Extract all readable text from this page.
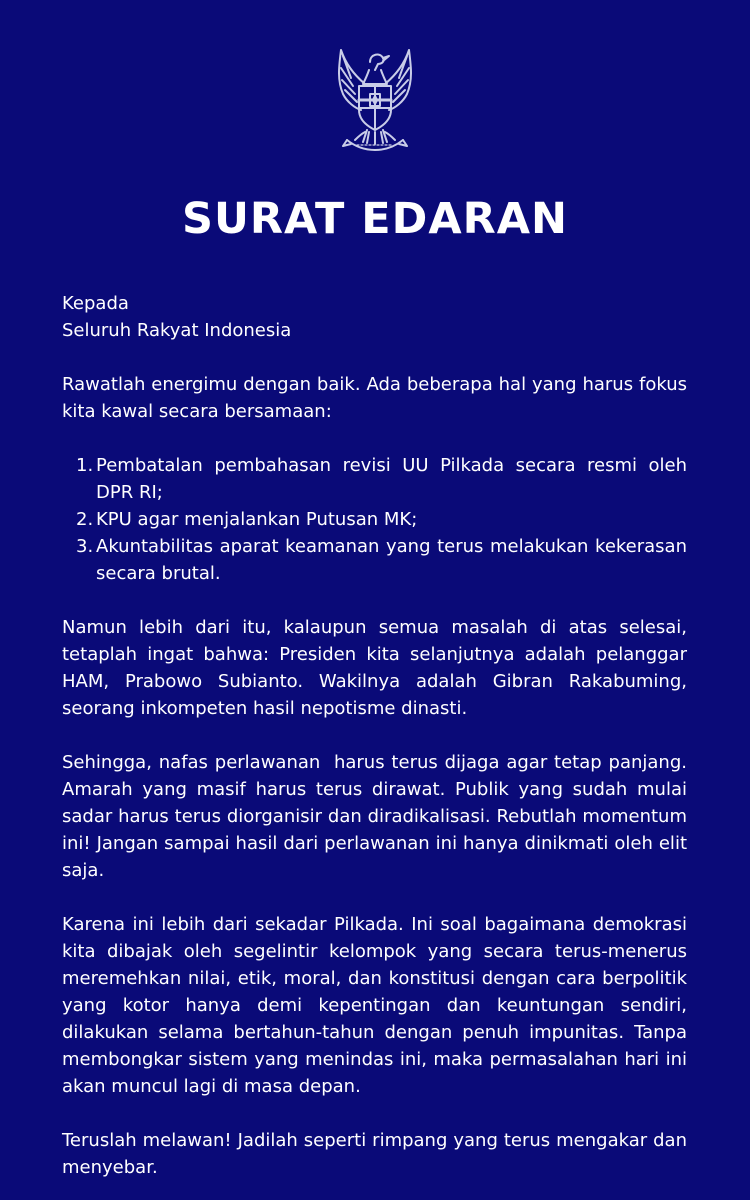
SURAT EDARAN

Kepada

Seluruh Rakyat Indonesia

Rawatlah energimu dengan baik. Ada beberapa hal yang harus fokus kita kawal secara bersamaan:

1. Pembatalan pembahasan revisi UU Pilkada secara resmi oleh DPR RI;
2. KPU agar menjalankan Putusan MK;
3. Akuntabilitas aparat keamanan yang terus melakukan kekerasan secara brutal.

Namun lebih dari itu, kalaupun semua masalah di atas selesai, tetaplah ingat bahwa: Presiden kita selanjutnya adalah pelanggar HAM, Prabowo Subianto. Wakilnya adalah Gibran Rakabuming, seorang inkompeten hasil nepotisme dinasti.

Sehingga, nafas perlawanan  harus terus dijaga agar tetap panjang. Amarah yang masif harus terus dirawat. Publik yang sudah mulai sadar harus terus diorganisir dan diradikalisasi. Rebutlah momentum ini! Jangan sampai hasil dari perlawanan ini hanya dinikmati oleh elit saja.

Karena ini lebih dari sekadar Pilkada. Ini soal bagaimana demokrasi kita dibajak oleh segelintir kelompok yang secara terus-menerus meremehkan nilai, etik, moral, dan konstitusi dengan cara berpolitik yang kotor hanya demi kepentingan dan keuntungan sendiri, dilakukan selama bertahun-tahun dengan penuh impunitas. Tanpa membongkar sistem yang menindas ini, maka permasalahan hari ini akan muncul lagi di masa depan.

Teruslah melawan! Jadilah seperti rimpang yang terus mengakar dan menyebar.
